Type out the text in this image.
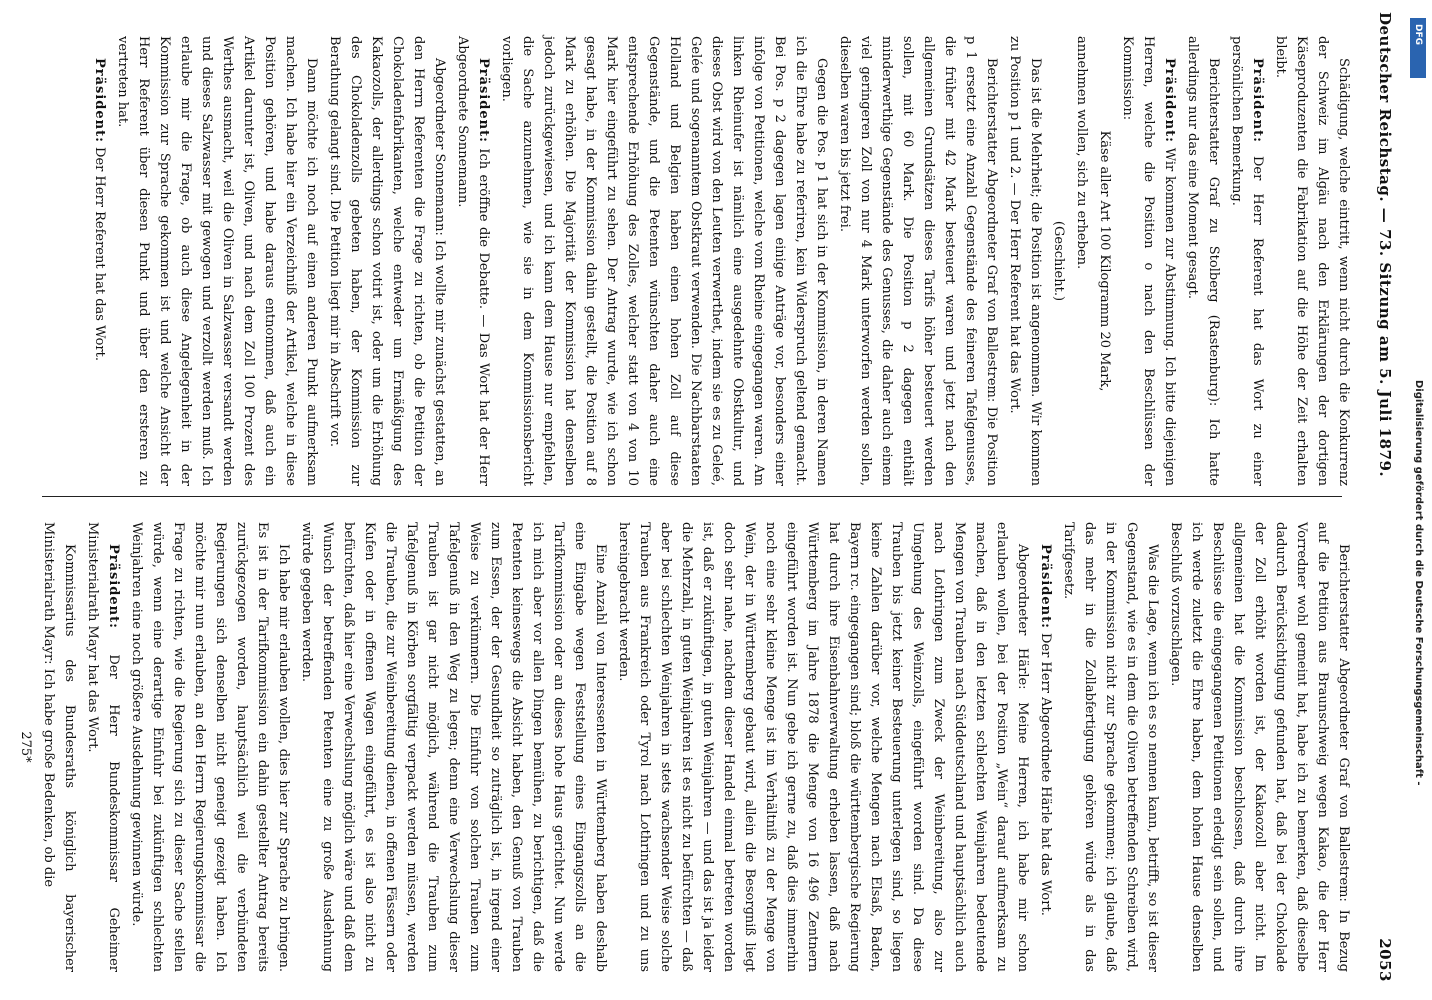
Deutscher Reichstag. — 73. Sitzung am 5. Juli 1879.
2053

Schädigung, welche eintritt, wenn nicht durch die Konkurrenz der Schweiz im Algäu nach den Erklärungen der dortigen Käseproduzenten die Fabrikation auf die Höhe der Zeit erhalten bleibt.

Präsident: Der Herr Referent hat das Wort zu einer persönlichen Bemerkung.

Berichterstatter Graf zu Stolberg (Rastenburg): Ich hatte allerdings nur das eine Moment gesagt.

Präsident: Wir kommen zur Abstimmung. Ich bitte diejenigen Herren, welche die Position o nach den Beschlüssen der Kommission:

Käse aller Art 100 Kilogramm 20 Mark,

annehmen wollen, sich zu erheben.

(Geschieht.)

Das ist die Mehrheit; die Position ist angenommen. Wir kommen zu Position p 1 und 2. — Der Herr Referent hat das Wort.

Berichterstatter Abgeordneter Graf von Ballestrem: Die Position p 1 ersetzt eine Anzahl Gegenstände des feineren Tafelgenusses, die früher mit 42 Mark besteuert waren und jetzt nach den allgemeinen Grundsätzen dieses Tarifs höher besteuert werden sollen, mit 60 Mark. Die Position p 2 dagegen enthält minderwerthige Gegenstände des Genusses, die daher auch einem viel geringeren Zoll von nur 4 Mark unterworfen werden sollen, dieselben waren bis jetzt frei.

Gegen die Pos. p 1 hat sich in der Kommission, in deren Namen ich die Ehre habe zu referiren, kein Widerspruch geltend gemacht. Bei Pos. p 2 dagegen lagen einige Anträge vor, besonders einer infolge von Petitionen, welche vom Rheine eingegangen waren. Am linken Rheinufer ist nämlich eine ausgedehnte Obstkultur, und dieses Obst wird von den Leuten verwerthet, indem sie es zu Geleé, Gelée und sogenanntem Obstkraut verwenden. Die Nachbarstaaten Holland und Belgien haben einen hohen Zoll auf diese Gegenstände, und die Petenten wünschten daher auch eine entsprechende Erhöhung des Zolles, welcher statt von 4 von 10 Mark hier eingeführt zu sehen. Der Antrag wurde, wie ich schon gesagt habe, in der Kommission dahin gestellt, die Position auf 8 Mark zu erhöhen. Die Majorität der Kommission hat denselben jedoch zurückgewiesen, und ich kann dem Hause nur empfehlen, die Sache anzunehmen, wie sie in dem Kommissionsbericht vorliegen.

Präsident: Ich eröffne die Debatte. — Das Wort hat der Herr Abgeordnete Sonnemann.

Abgeordneter Sonnemann: Ich wollte mir zunächst gestatten, an den Herrn Referenten die Frage zu richten, ob die Petition der Chokoladenfabrikanten, welche entweder um Ermäßigung des Kakaozolls, der allerdings schon votirt ist, oder um die Erhöhung des Chokoladenzolls gebeten haben, der Kommission zur Berathung gelangt sind. Die Petition liegt mir in Abschrift vor.

Dann möchte ich noch auf einen anderen Punkt aufmerksam machen. Ich habe hier ein Verzeichniß der Artikel, welche in diese Position gehören, und habe daraus entnommen, daß auch ein Artikel darunter ist, Oliven, und nach dem Zoll 100 Prozent des Werthes ausmacht, weil die Oliven in Salzwasser versandt werden und dieses Salzwasser mit gewogen und verzollt werden muß. Ich erlaube mir die Frage, ob auch diese Angelegenheit in der Kommission zur Sprache gekommen ist und welche Ansicht der Herr Referent über diesen Punkt und über den ersteren zu vertreten hat.

Präsident: Der Herr Referent hat das Wort.

Berichterstatter Abgeordneter Graf von Ballestrem: In Bezug auf die Petition aus Braunschweig wegen Kakao, die der Herr Vorredner wohl gemeint hat, habe ich zu bemerken, daß dieselbe dadurch Berücksichtigung gefunden hat, daß bei der Chokolade der Zoll erhöht worden ist, der Kakaozoll aber nicht. Im allgemeinen hat die Kommission beschlossen, daß durch ihre Beschlüsse die eingegangenen Petitionen erledigt sein sollen, und ich werde zuletzt die Ehre haben, dem hohen Hause denselben Beschluß vorzuschlagen.

Was die Lage, wenn ich es so nennen kann, betrifft, so ist dieser Gegenstand, wie es in dem die Oliven betreffenden Schreiben wird, in der Kommission nicht zur Sprache gekommen; ich glaube, daß das mehr in die Zollabfertigung gehören würde als in das Tarifgesetz.

Präsident: Der Herr Abgeordnete Härle hat das Wort.

Abgeordneter Härle: Meine Herren, ich habe mir schon erlauben wollen, bei der Position „Wein“ darauf aufmerksam zu machen, daß in den letzten schlechten Weinjahren bedeutende Mengen von Trauben nach Süddeutschland und hauptsächlich auch nach Lothringen zum Zweck der Weinbereitung, also zur Umgehung des Weinzolls, eingeführt worden sind. Da diese Trauben bis jetzt keiner Besteuerung unterlegen sind, so liegen keine Zahlen darüber vor, welche Mengen nach Elsaß, Baden, Bayern rc. eingegangen sind; bloß die württembergische Regierung hat durch ihre Eisenbahnverwaltung erheben lassen, daß nach Württemberg im Jahre 1878 die Menge von 16 496 Zentnern eingeführt worden ist. Nun gebe ich gerne zu, daß dies immerhin noch eine sehr kleine Menge ist im Verhältniß zu der Menge von Wein, der in Württemberg gebaut wird, allein die Besorgniß liegt doch sehr nahe, nachdem dieser Handel einmal betreten worden ist, daß er zukünftigen, in guten Weinjahren — und das ist ja leider die Mehrzahl, in guten Weinjahren ist es nicht zu befürchten — daß aber bei schlechten Weinjahren in stets wachsender Weise solche Trauben aus Frankreich oder Tyrol nach Lothringen und zu uns hereingebracht werden.

Eine Anzahl von Interessenten in Württemberg haben deshalb eine Eingabe wegen Feststellung eines Eingangszolls an die Tarifkommission oder an dieses hohe Haus gerichtet. Nun werde ich mich aber vor allen Dingen bemühen, zu berichtigen, daß die Petenten keineswegs die Absicht haben, den Genuß von Trauben zum Essen, der der Gesundheit so zuträglich ist, in irgend einer Weise zu verkümmern. Die Einfuhr von solchen Trauben zum Tafelgenuß in den Weg zu legen; denn eine Verwechslung dieser Trauben ist gar nicht möglich, während die Trauben zum Tafelgenuß in Körben sorgfältig verpackt werden müssen, werden die Trauben, die zur Weinbereitung dienen, in offenen Fässern oder Kufen oder in offenen Wagen eingeführt, es ist also nicht zu befürchten, daß hier eine Verwechslung möglich wäre und daß dem Wunsch der betreffenden Petenten eine zu große Ausdehnung würde gegeben werden.

Ich habe mir erlauben wollen, dies hier zur Sprache zu bringen. Es ist in der Tarifkommission ein dahin gestellter Antrag bereits zurückgezogen worden, hauptsächlich weil die verbündeten Regierungen sich denselben nicht geneigt gezeigt haben. Ich möchte mir nun erlauben, an den Herrn Regierungskommissar die Frage zu richten, wie die Regierung sich zu dieser Sache stellen würde, wenn eine derartige Einfuhr bei zukünftigen schlechten Weinjahren eine noch größere Ausdehnung gewinnen würde.

Präsident: Der Herr Bundeskommissar Geheimer Ministerialrath Mayr hat das Wort.

Kommissarius des Bundesraths königlich bayerischer Ministerialrath Mayr: Ich habe große Bedenken, ob die

275*	Digitalisierung gefördert durch die Deutsche Forschungsgemeinschaft -
DFG
